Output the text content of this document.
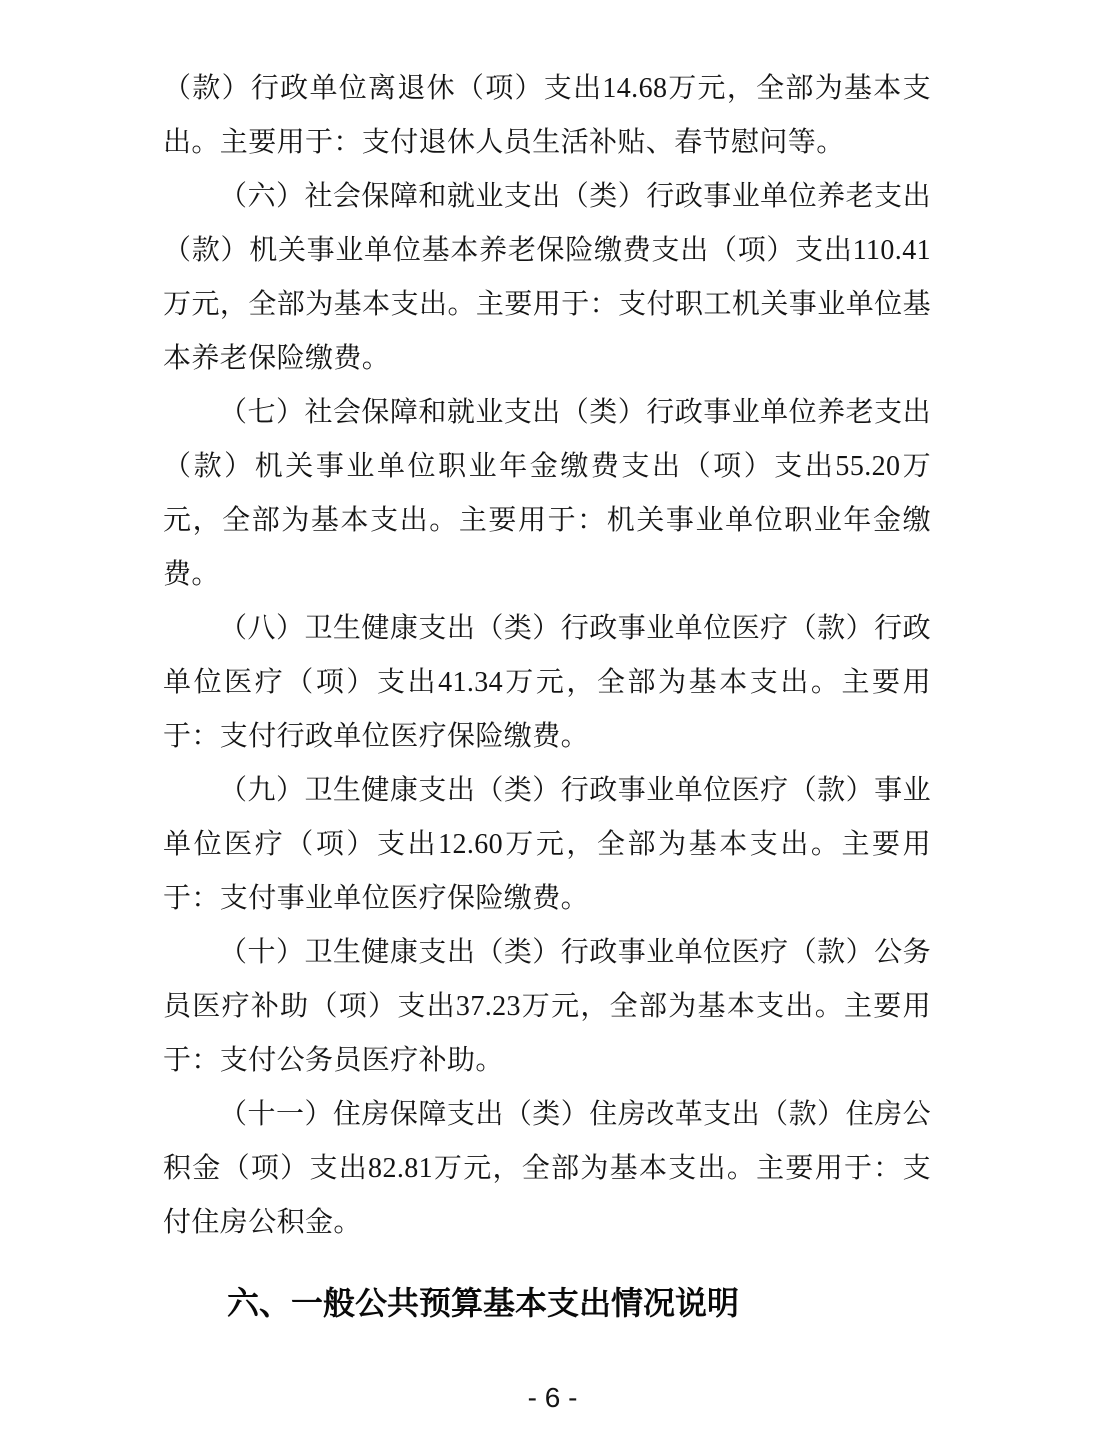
（款）行政单位离退休（项）支出14.68万元，全部为基本支出。主要用于：支付退休人员生活补贴、春节慰问等。

（六）社会保障和就业支出（类）行政事业单位养老支出（款）机关事业单位基本养老保险缴费支出（项）支出110.41万元，全部为基本支出。主要用于：支付职工机关事业单位基本养老保险缴费。

（七）社会保障和就业支出（类）行政事业单位养老支出（款）机关事业单位职业年金缴费支出（项）支出55.20万元，全部为基本支出。主要用于：机关事业单位职业年金缴费。

（八）卫生健康支出（类）行政事业单位医疗（款）行政单位医疗（项）支出41.34万元，全部为基本支出。主要用于：支付行政单位医疗保险缴费。

（九）卫生健康支出（类）行政事业单位医疗（款）事业单位医疗（项）支出12.60万元，全部为基本支出。主要用于：支付事业单位医疗保险缴费。

（十）卫生健康支出（类）行政事业单位医疗（款）公务员医疗补助（项）支出37.23万元，全部为基本支出。主要用于：支付公务员医疗补助。

（十一）住房保障支出（类）住房改革支出（款）住房公积金（项）支出82.81万元，全部为基本支出。主要用于：支付住房公积金。

六、一般公共预算基本支出情况说明
- 6 -
